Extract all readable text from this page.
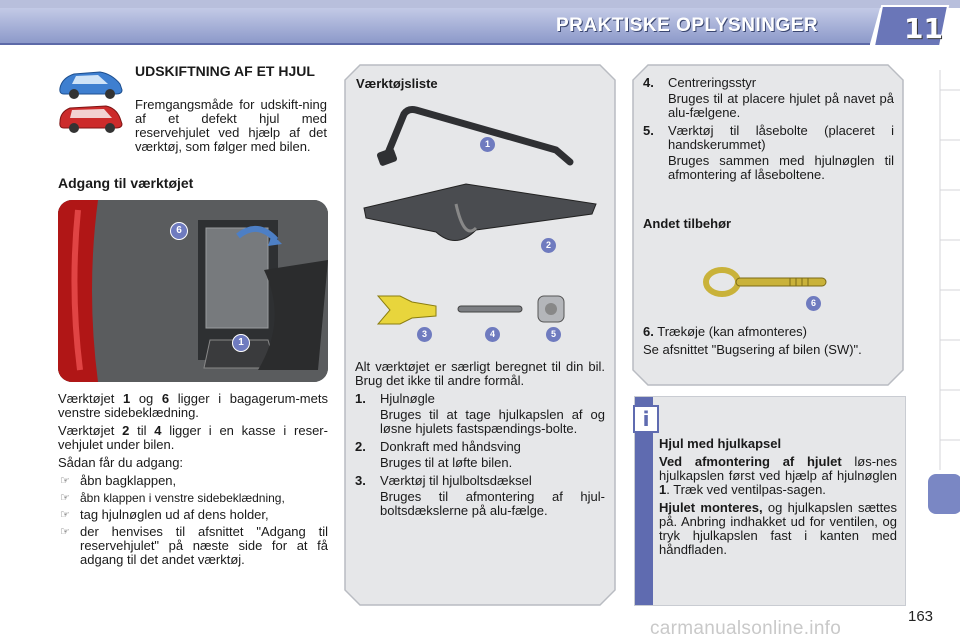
PRAKTISKE OPLYSNINGER	11
UDSKIFTNING AF ET HJUL
Fremgangsmåde for udskift-ning af et defekt hjul med reservehjulet ved hjælp af det værktøj, som følger med bilen.
Adgang til værktøjet
6
1

Værktøjet 1 og 6 ligger i bagagerum-mets venstre sidebeklædning.

Værktøjet 2 til 4 ligger i en kasse i reser-vehjulet under bilen.

Sådan får du adgang:

☞ åbn bagklappen,
☞ åbn klappen i venstre sidebeklædning,
☞ tag hjulnøglen ud af dens holder,
☞ der henvises til afsnittet "Adgang til reservehjulet" på næste side for at få adgang til det andet værktøj.
Værktøjsliste
1
2
3	4	5

Alt værktøjet er særligt beregnet til din bil. Brug det ikke til andre formål.

1. Hjulnøgle
Bruges til at tage hjulkapslen af og løsne hjulets fastspændings-bolte.
2. Donkraft med håndsving
Bruges til at løfte bilen.
3. Værktøj til hjulboltsdæksel
Bruges til afmontering af hjul-boltsdækslerne på alu-fælge.
4. Centreringsstyr
Bruges til at placere hjulet på navet på alu-fælgene.
5. Værktøj til låsebolte (placeret i handskerummet)
Bruges sammen med hjulnøglen til afmontering af låseboltene.
Andet tilbehør
6

6. Trækøje (kan afmonteres)

Se afsnittet "Bugsering af bilen (SW)".

i

Hjul med hjulkapsel

Ved afmontering af hjulet løs-nes hjulkapslen først ved hjælp af hjulnøglen 1. Træk ved ventilpas-sagen.

Hjulet monteres, og hjulkapslen sættes på. Anbring indhakket ud for ventilen, og tryk hjulkapslen fast i kanten med håndfladen.

163
carmanualsonline.info
